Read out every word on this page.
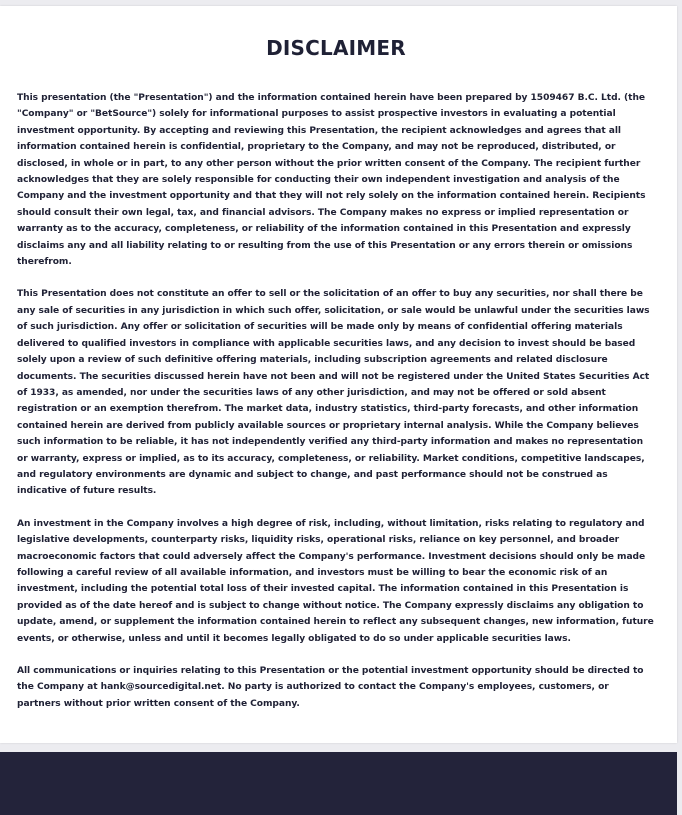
DISCLAIMER

This presentation (the "Presentation") and the information contained herein have been prepared by 1509467 B.C. Ltd. (the "Company" or "BetSource") solely for informational purposes to assist prospective investors in evaluating a potential investment opportunity. By accepting and reviewing this Presentation, the recipient acknowledges and agrees that all information contained herein is confidential, proprietary to the Company, and may not be reproduced, distributed, or disclosed, in whole or in part, to any other person without the prior written consent of the Company. The recipient further acknowledges that they are solely responsible for conducting their own independent investigation and analysis of the Company and the investment opportunity and that they will not rely solely on the information contained herein. Recipients should consult their own legal, tax, and financial advisors. The Company makes no express or implied representation or warranty as to the accuracy, completeness, or reliability of the information contained in this Presentation and expressly disclaims any and all liability relating to or resulting from the use of this Presentation or any errors therein or omissions therefrom.

This Presentation does not constitute an offer to sell or the solicitation of an offer to buy any securities, nor shall there be any sale of securities in any jurisdiction in which such offer, solicitation, or sale would be unlawful under the securities laws of such jurisdiction. Any offer or solicitation of securities will be made only by means of confidential offering materials delivered to qualified investors in compliance with applicable securities laws, and any decision to invest should be based solely upon a review of such definitive offering materials, including subscription agreements and related disclosure documents. The securities discussed herein have not been and will not be registered under the United States Securities Act of 1933, as amended, nor under the securities laws of any other jurisdiction, and may not be offered or sold absent registration or an exemption therefrom. The market data, industry statistics, third-party forecasts, and other information contained herein are derived from publicly available sources or proprietary internal analysis. While the Company believes such information to be reliable, it has not independently verified any third-party information and makes no representation or warranty, express or implied, as to its accuracy, completeness, or reliability. Market conditions, competitive landscapes, and regulatory environments are dynamic and subject to change, and past performance should not be construed as indicative of future results.

An investment in the Company involves a high degree of risk, including, without limitation, risks relating to regulatory and legislative developments, counterparty risks, liquidity risks, operational risks, reliance on key personnel, and broader macroeconomic factors that could adversely affect the Company's performance. Investment decisions should only be made following a careful review of all available information, and investors must be willing to bear the economic risk of an investment, including the potential total loss of their invested capital. The information contained in this Presentation is provided as of the date hereof and is subject to change without notice. The Company expressly disclaims any obligation to update, amend, or supplement the information contained herein to reflect any subsequent changes, new information, future events, or otherwise, unless and until it becomes legally obligated to do so under applicable securities laws.

All communications or inquiries relating to this Presentation or the potential investment opportunity should be directed to the Company at hank@sourcedigital.net. No party is authorized to contact the Company's employees, customers, or partners without prior written consent of the Company.
